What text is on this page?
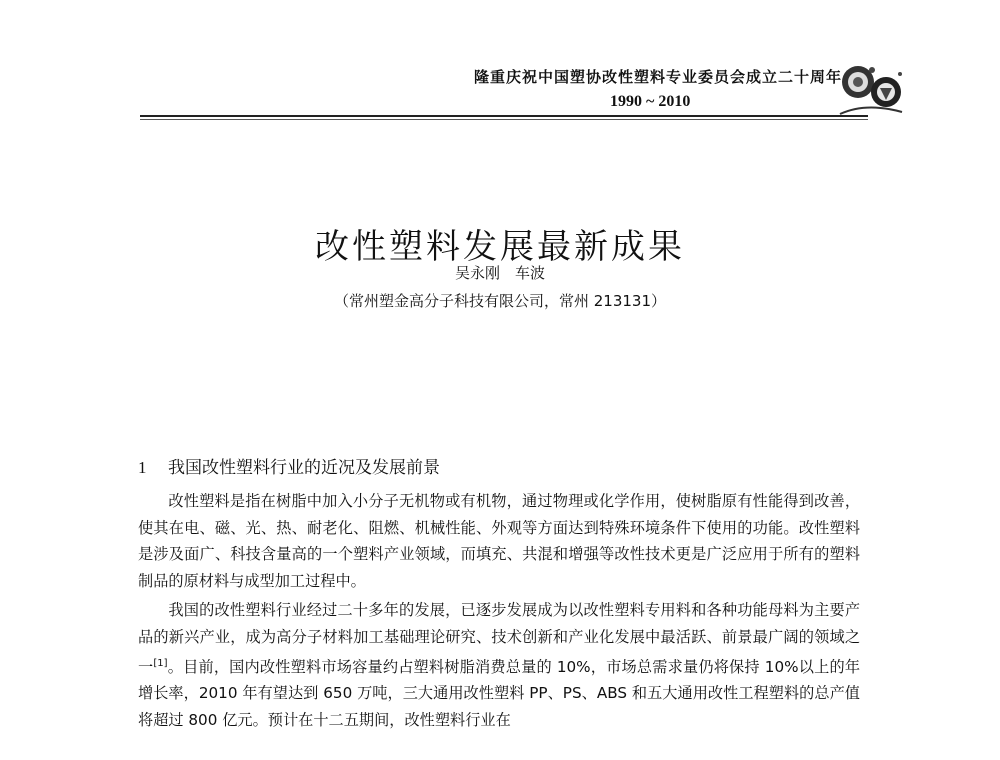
隆重庆祝中国塑协改性塑料专业委员会成立二十周年
1990 ~ 2010
改性塑料发展最新成果
吴永刚　车波
（常州塑金高分子科技有限公司，常州 213131）
1 我国改性塑料行业的近况及发展前景

改性塑料是指在树脂中加入小分子无机物或有机物，通过物理或化学作用，使树脂原有性能得到改善，使其在电、磁、光、热、耐老化、阻燃、机械性能、外观等方面达到特殊环境条件下使用的功能。改性塑料是涉及面广、科技含量高的一个塑料产业领域，而填充、共混和增强等改性技术更是广泛应用于所有的塑料制品的原材料与成型加工过程中。

我国的改性塑料行业经过二十多年的发展，已逐步发展成为以改性塑料专用料和各种功能母料为主要产品的新兴产业，成为高分子材料加工基础理论研究、技术创新和产业化发展中最活跃、前景最广阔的领域之一[1]。目前，国内改性塑料市场容量约占塑料树脂消费总量的 10%，市场总需求量仍将保持 10%以上的年增长率，2010 年有望达到 650 万吨，三大通用改性塑料 PP、PS、ABS 和五大通用改性工程塑料的总产值将超过 800 亿元。预计在十二五期间，改性塑料行业在
